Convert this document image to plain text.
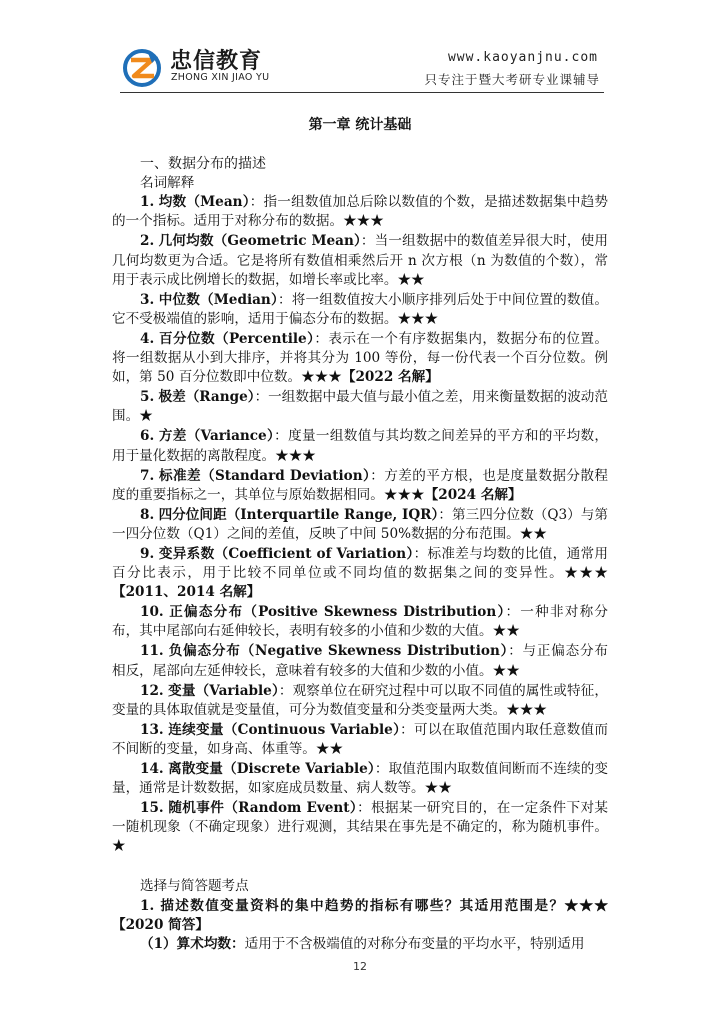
忠信教育
ZHONG XIN JIAO YU
www.kaoyanjnu.com
只专注于暨大考研专业课辅导
第一章 统计基础

一、数据分布的描述

名词解释

1. 均数（Mean）：指一组数值加总后除以数值的个数，是描述数据集中趋势的一个指标。适用于对称分布的数据。★★★

2. 几何均数（Geometric Mean）：当一组数据中的数值差异很大时，使用几何均数更为合适。它是将所有数值相乘然后开 n 次方根（n 为数值的个数），常用于表示成比例增长的数据，如增长率或比率。★★

3. 中位数（Median）：将一组数值按大小顺序排列后处于中间位置的数值。它不受极端值的影响，适用于偏态分布的数据。★★★

4. 百分位数（Percentile）：表示在一个有序数据集内，数据分布的位置。将一组数据从小到大排序，并将其分为 100 等份，每一份代表一个百分位数。例如，第 50 百分位数即中位数。★★★【2022 名解】

5. 极差（Range）：一组数据中最大值与最小值之差，用来衡量数据的波动范围。★

6. 方差（Variance）：度量一组数值与其均数之间差异的平方和的平均数，用于量化数据的离散程度。★★★

7. 标准差（Standard Deviation）：方差的平方根，也是度量数据分散程度的重要指标之一，其单位与原始数据相同。★★★【2024 名解】

8. 四分位间距（Interquartile Range, IQR）：第三四分位数（Q3）与第一四分位数（Q1）之间的差值，反映了中间 50%数据的分布范围。★★

9. 变异系数（Coefficient of Variation）：标准差与均数的比值，通常用百分比表示，用于比较不同单位或不同均值的数据集之间的变异性。★★★【2011、2014 名解】

10. 正偏态分布（Positive Skewness Distribution）：一种非对称分布，其中尾部向右延伸较长，表明有较多的小值和少数的大值。★★

11. 负偏态分布（Negative Skewness Distribution）：与正偏态分布相反，尾部向左延伸较长，意味着有较多的大值和少数的小值。★★

12. 变量（Variable）：观察单位在研究过程中可以取不同值的属性或特征，变量的具体取值就是变量值，可分为数值变量和分类变量两大类。★★★

13. 连续变量（Continuous Variable）：可以在取值范围内取任意数值而不间断的变量，如身高、体重等。★★

14. 离散变量（Discrete Variable）：取值范围内取数值间断而不连续的变量，通常是计数数据，如家庭成员数量、病人数等。★★

15. 随机事件（Random Event）：根据某一研究目的，在一定条件下对某一随机现象（不确定现象）进行观测，其结果在事先是不确定的，称为随机事件。★

选择与简答题考点

1. 描述数值变量资料的集中趋势的指标有哪些？其适用范围是？★★★【2020 简答】

（1）算术均数：适用于不含极端值的对称分布变量的平均水平，特别适用

12
